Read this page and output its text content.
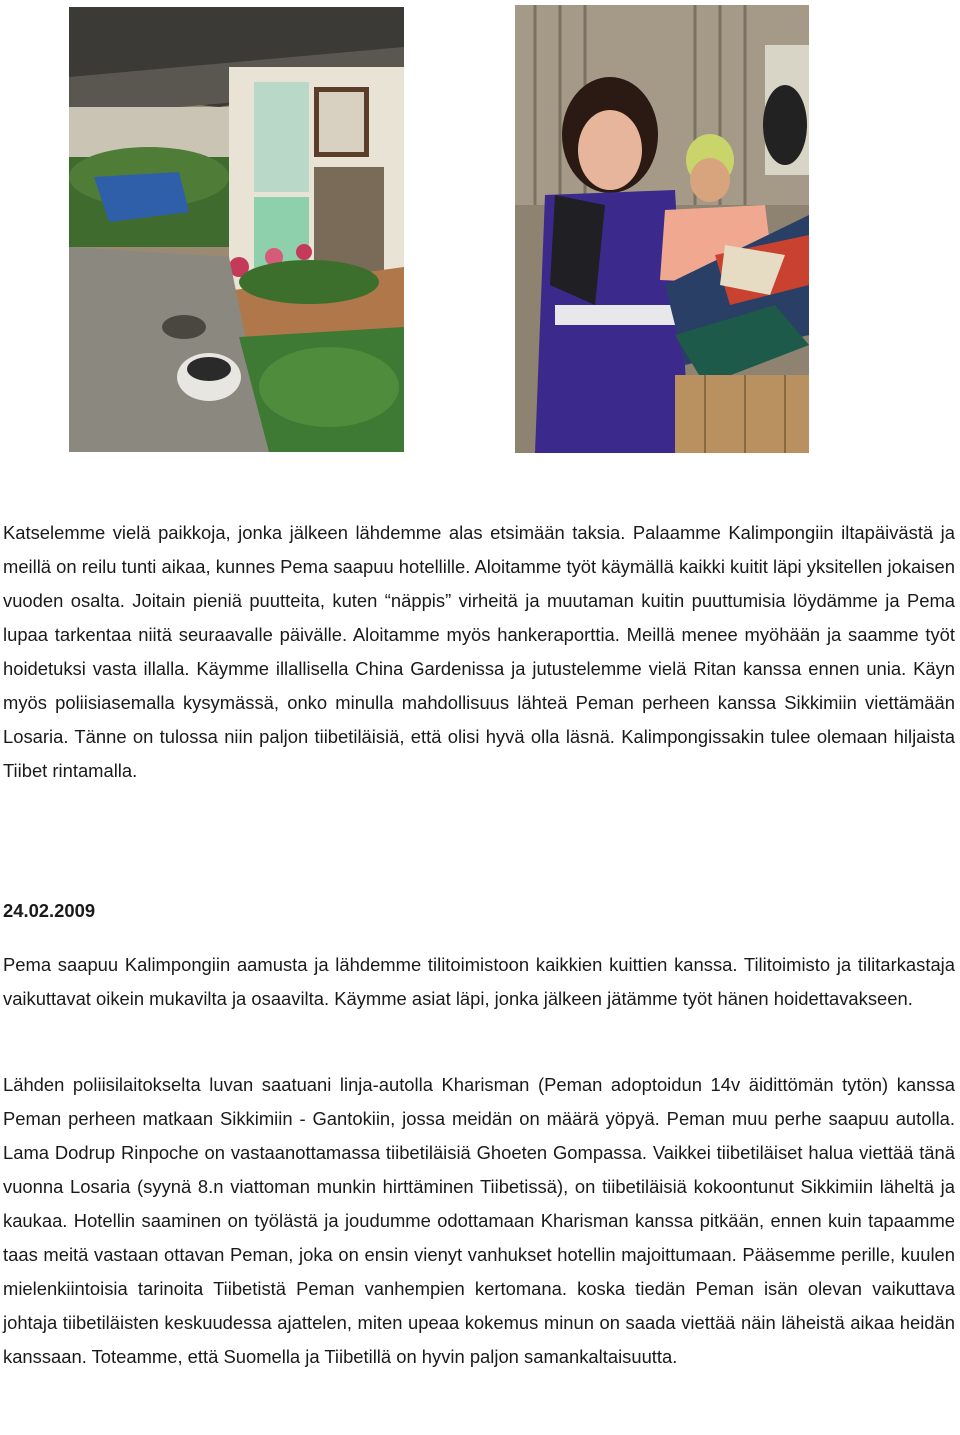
Katselemme vielä paikkoja, jonka jälkeen lähdemme alas etsimään taksia. Palaamme Kalimpongiin iltapäivästä ja meillä on reilu tunti aikaa, kunnes Pema saapuu hotellille. Aloitamme työt käymällä kaikki kuitit läpi yksitellen jokaisen vuoden osalta. Joitain pieniä puutteita, kuten “näppis” virheitä ja muutaman kuitin puuttumisia löydämme ja Pema lupaa tarkentaa niitä seuraavalle päivälle. Aloitamme myös hankeraporttia. Meillä menee myöhään ja saamme työt hoidetuksi vasta illalla. Käymme illallisella China Gardenissa ja jutustelemme vielä Ritan kanssa ennen unia. Käyn myös poliisiasemalla kysymässä, onko minulla mahdollisuus lähteä Peman perheen kanssa Sikkimiin viettämään Losaria. Tänne on tulossa niin paljon tiibetiläisiä, että olisi hyvä olla läsnä. Kalimpongissakin tulee olemaan hiljaista Tiibet rintamalla.

24.02.2009

Pema saapuu Kalimpongiin aamusta ja lähdemme tilitoimistoon kaikkien kuittien kanssa. Tilitoimisto ja tilitarkastaja vaikuttavat oikein mukavilta ja osaavilta. Käymme asiat läpi, jonka jälkeen jätämme työt hänen hoidettavakseen.

Lähden poliisilaitokselta luvan saatuani linja-autolla Kharisman (Peman adoptoidun 14v äidittömän tytön) kanssa Peman perheen matkaan Sikkimiin - Gantokiin, jossa meidän on määrä yöpyä. Peman muu perhe saapuu autolla. Lama Dodrup Rinpoche on vastaanottamassa tiibetiläisiä Ghoeten Gompassa. Vaikkei tiibetiläiset halua viettää tänä vuonna Losaria (syynä 8.n viattoman munkin hirttäminen Tiibetissä), on tiibetiläisiä kokoontunut Sikkimiin läheltä ja kaukaa. Hotellin saaminen on työlästä ja joudumme odottamaan Kharisman kanssa pitkään, ennen kuin tapaamme taas meitä vastaan ottavan Peman, joka on ensin vienyt vanhukset hotellin majoittumaan. Pääsemme perille, kuulen mielenkiintoisia tarinoita Tiibetistä Peman vanhempien kertomana. koska tiedän Peman isän olevan vaikuttava johtaja tiibetiläisten keskuudessa ajattelen, miten upeaa kokemus minun on saada viettää näin läheistä aikaa heidän kanssaan. Toteamme, että Suomella ja Tiibetillä on hyvin paljon samankaltaisuutta.
